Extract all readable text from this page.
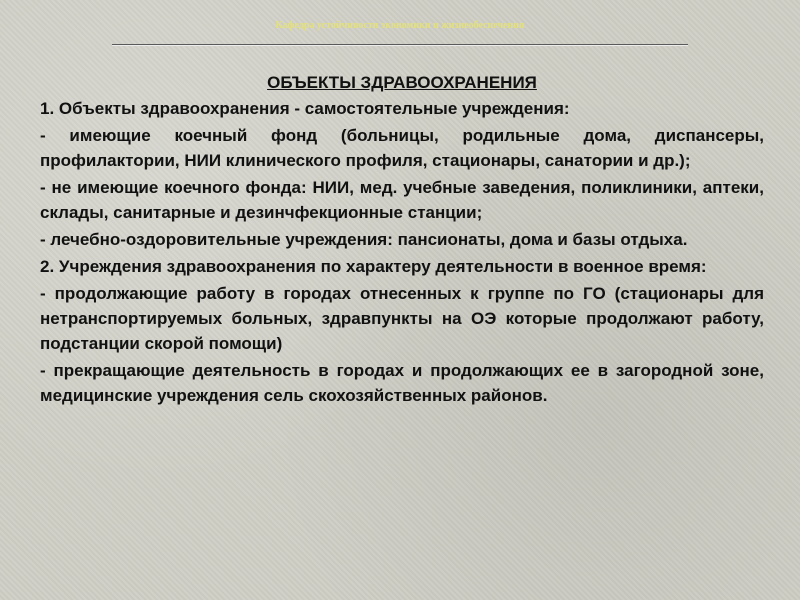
Кафедра устойчивости экономики и жизнеобеспечения
ОБЪЕКТЫ ЗДРАВООХРАНЕНИЯ

1. Объекты здравоохранения - самостоятельные учреждения:

- имеющие коечный фонд (больницы, родильные дома, диспансеры, профилактории, НИИ клинического профиля, стационары, санатории и др.);

- не имеющие коечного фонда: НИИ, мед. учебные заведения, поликлиники, аптеки, склады, санитарные и дезинчфекционные станции;

- лечебно-оздоровительные учреждения: пансионаты, дома и базы отдыха.

2. Учреждения здравоохранения по характеру деятельности в военное время:

- продолжающие работу в городах отнесенных к группе по ГО (стационары для нетранспортируемых больных, здравпункты на ОЭ которые продолжают работу, подстанции скорой помощи)

- прекращающие деятельность в городах и продолжающих ее в загородной зоне, медицинские учреждения сель скохозяйственных районов.
